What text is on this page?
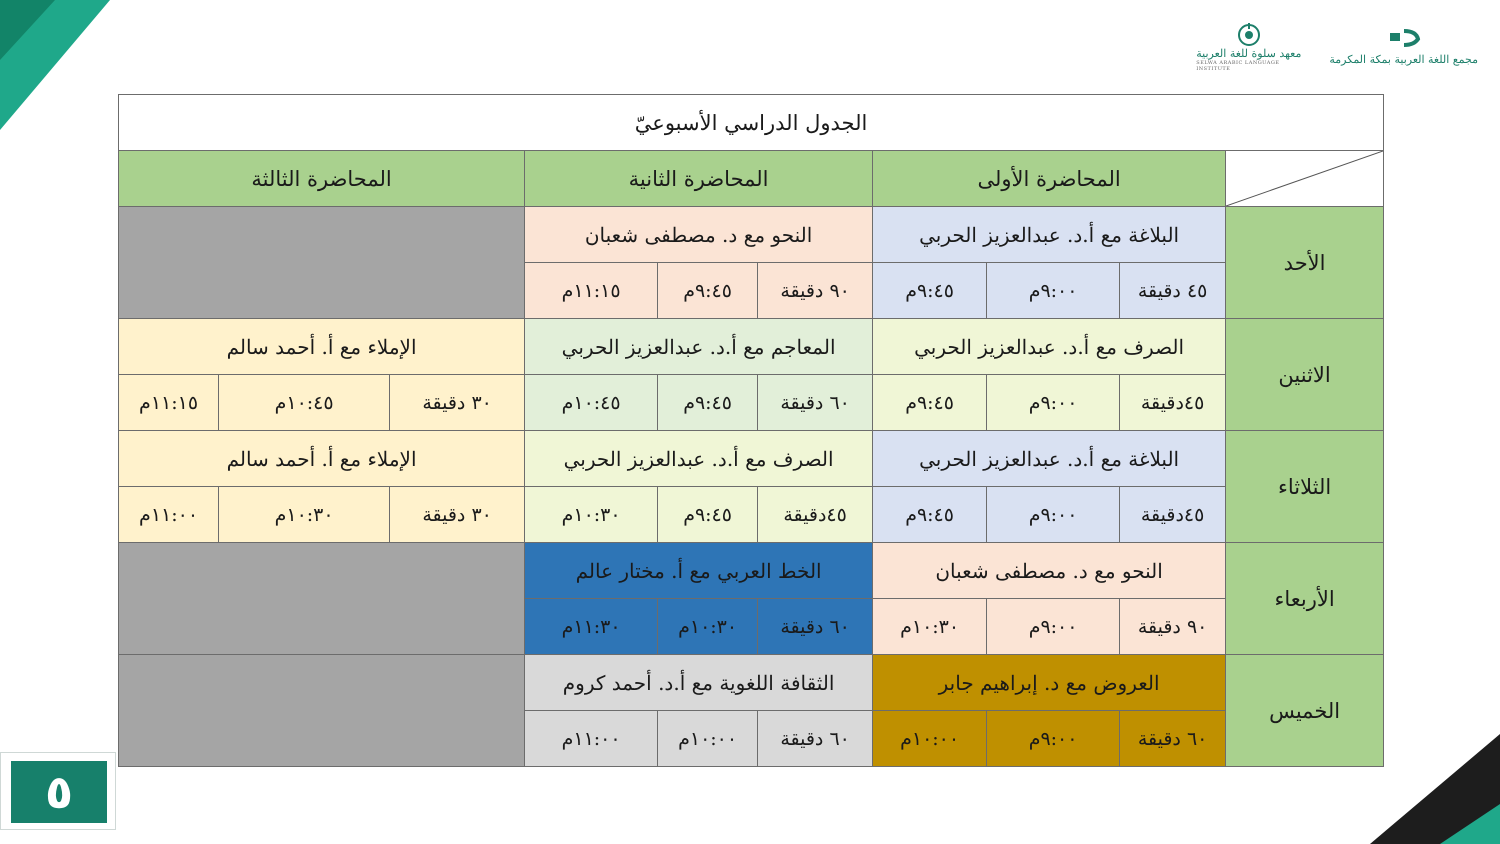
معهد سلوة للغة العربية
SELWA ARABIC LANGUAGE INSTITUTE
مجمع اللغة العربية بمكة المكرمة
٥
الجدول الدراسي الأسبوعيّ									

	المحاضرة الأولى			المحاضرة الثانية			المحاضرة الثالثة		
الأحد	البلاغة مع أ.د. عبدالعزيز الحربي			النحو مع د. مصطفى شعبان					
	٤٥ دقيقة	٩:٠٠م	٩:٤٥م	٩٠ دقيقة	٩:٤٥م	١١:١٥م			
الاثنين	الصرف مع أ.د. عبدالعزيز الحربي			المعاجم مع أ.د. عبدالعزيز الحربي			الإملاء مع أ. أحمد سالم		
	٤٥دقيقة	٩:٠٠م	٩:٤٥م	٦٠ دقيقة	٩:٤٥م	١٠:٤٥م	٣٠ دقيقة	١٠:٤٥م	١١:١٥م
الثلاثاء	البلاغة مع أ.د. عبدالعزيز الحربي			الصرف مع أ.د. عبدالعزيز الحربي			الإملاء مع أ. أحمد سالم		
	٤٥دقيقة	٩:٠٠م	٩:٤٥م	٤٥دقيقة	٩:٤٥م	١٠:٣٠م	٣٠ دقيقة	١٠:٣٠م	١١:٠٠م
الأربعاء	النحو مع د. مصطفى شعبان			الخط العربي مع أ. مختار عالم					
	٩٠ دقيقة	٩:٠٠م	١٠:٣٠م	٦٠ دقيقة	١٠:٣٠م	١١:٣٠م			
الخميس	العروض مع د. إبراهيم جابر			الثقافة اللغوية مع أ.د. أحمد كروم					
	٦٠ دقيقة	٩:٠٠م	١٠:٠٠م	٦٠ دقيقة	١٠:٠٠م	١١:٠٠م			
